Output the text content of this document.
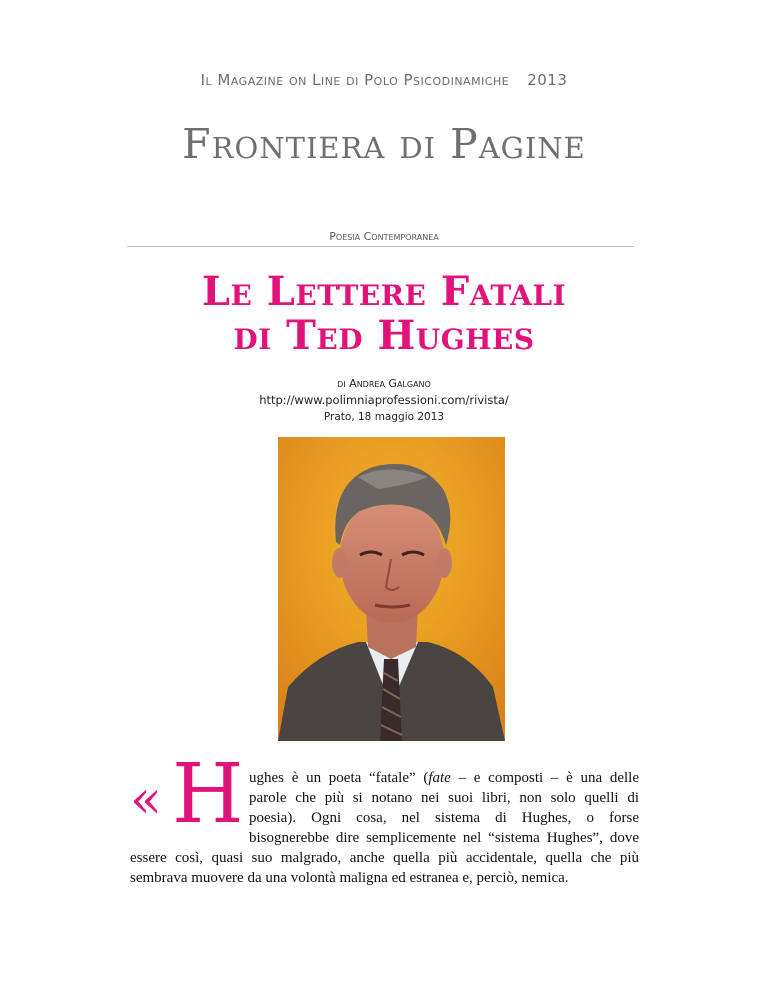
Il Magazine on Line di Polo Psicodinamiche 2013
Frontiera di Pagine
Poesia Contemporanea
Le Lettere Fatali
di Ted Hughes
di Andrea Galgano
http://www.polimniaprofessioni.com/rivista/
Prato, 18 maggio 2013
« H ughes è un poeta “fatale” (fate – e composti – è una delle
parole che più si notano nei suoi libri, non solo quelli di
poesia). Ogni cosa, nel sistema di Hughes, o forse
bisognerebbe dire semplicemente nel “sistema Hughes”, dove
essere così, quasi suo malgrado, anche quella più accidentale, quella che più
sembrava muovere da una volontà maligna ed estranea e, perciò, nemica.
